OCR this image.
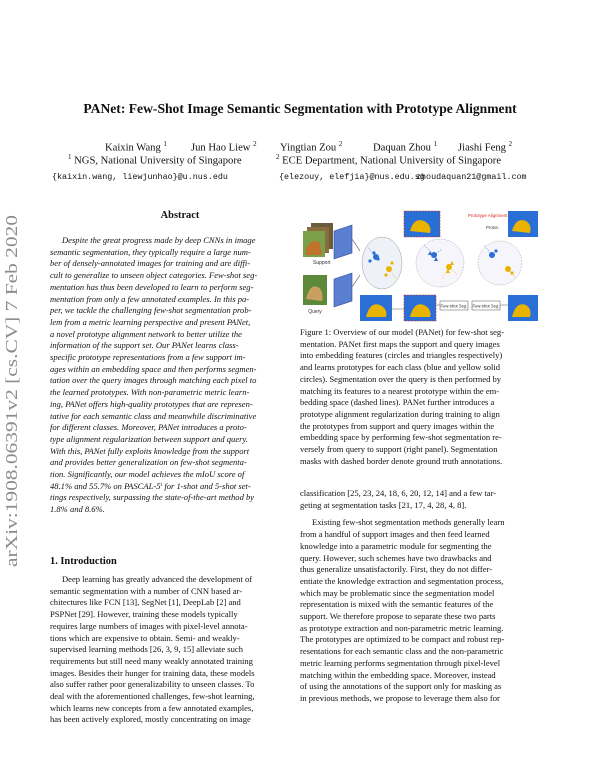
PANet: Few-Shot Image Semantic Segmentation with Prototype Alignment
Kaixin Wang $^1$ Jun Hao Liew $^2$ Yingtian Zou $^2$	Daquan Zhou $^1$ Jiashi Feng $^2$
$^1$ NGS, National University of Singapore	$^2$ ECE Department, National University of Singapore
{kaixin.wang, liewjunhao}@u.nus.edu	{elezouy, elefjia}@nus.edu.sg
zhoudaquan21@gmail.com
arXiv:1908.06391v2 [cs.CV] 7 Feb 2020
Abstract
Despite the great progress made by deep CNNs in image
semantic segmentation, they typically require a large num-
ber of densely-annotated images for training and are diffi-
cult to generalize to unseen object categories. Few-shot seg-
mentation has thus been developed to learn to perform seg-
mentation from only a few annotated examples. In this pa-
per, we tackle the challenging few-shot segmentation prob-
lem from a metric learning perspective and present PANet,
a novel prototype alignment network to better utilize the
information of the support set. Our PANet learns class-
specific prototype representations from a few support im-
ages within an embedding space and then performs segmen-
tation over the query images through matching each pixel to
the learned prototypes. With non-parametric metric learn-
ing, PANet offers high-quality prototypes that are represen-
tative for each semantic class and meanwhile discriminative
for different classes. Moreover, PANet introduces a proto-
type alignment regularization between support and query.
With this, PANet fully exploits knowledge from the support
and provides better generalization on few-shot segmenta-
tion. Significantly, our model achieves the mIoU score of
48.1% and 55.7% on PASCAL-5ⁱ for 1-shot and 5-shot set-
tings respectively, surpassing the state-of-the-art method by
1.8% and 8.6%.
1. Introduction
Deep learning has greatly advanced the development of
semantic segmentation with a number of CNN based ar-
chitectures like FCN [13], SegNet [1], DeepLab [2] and
PSPNet [29]. However, training these models typically
requires large numbers of images with pixel-level annota-
tions which are expensive to obtain. Semi- and weakly-
supervised learning methods [26, 3, 9, 15] alleviate such
requirements but still need many weakly annotated training
images. Besides their hunger for training data, these models
also suffer rather poor generalizability to unseen classes. To
deal with the aforementioned challenges, few-shot learning,
which learns new concepts from a few annotated examples,
has been actively explored, mostly concentrating on image
Support
Query
Prototype Alignment
Protot.
Few-shot Seg. Few-shot Seg.
Figure 1: Overview of our model (PANet) for few-shot seg-
mentation. PANet first maps the support and query images
into embedding features (circles and triangles respectively)
and learns prototypes for each class (blue and yellow solid
circles). Segmentation over the query is then performed by
matching its features to a nearest prototype within the em-
bedding space (dashed lines). PANet further introduces a
prototype alignment regularization during training to align
the prototypes from support and query images within the
embedding space by performing few-shot segmentation re-
versely from query to support (right panel). Segmentation
masks with dashed border denote ground truth annotations.
classification [25, 23, 24, 18, 6, 20, 12, 14] and a few tar-
geting at segmentation tasks [21, 17, 4, 28, 4, 8].
Existing few-shot segmentation methods generally learn
from a handful of support images and then feed learned
knowledge into a parametric module for segmenting the
query. However, such schemes have two drawbacks and
thus generalize unsatisfactorily. First, they do not differ-
entiate the knowledge extraction and segmentation process,
which may be problematic since the segmentation model
representation is mixed with the semantic features of the
support. We therefore propose to separate these two parts
as prototype extraction and non-parametric metric learning.
The prototypes are optimized to be compact and robust rep-
resentations for each semantic class and the non-parametric
metric learning performs segmentation through pixel-level
matching within the embedding space. Moreover, instead
of using the annotations of the support only for masking as
in previous methods, we propose to leverage them also for
